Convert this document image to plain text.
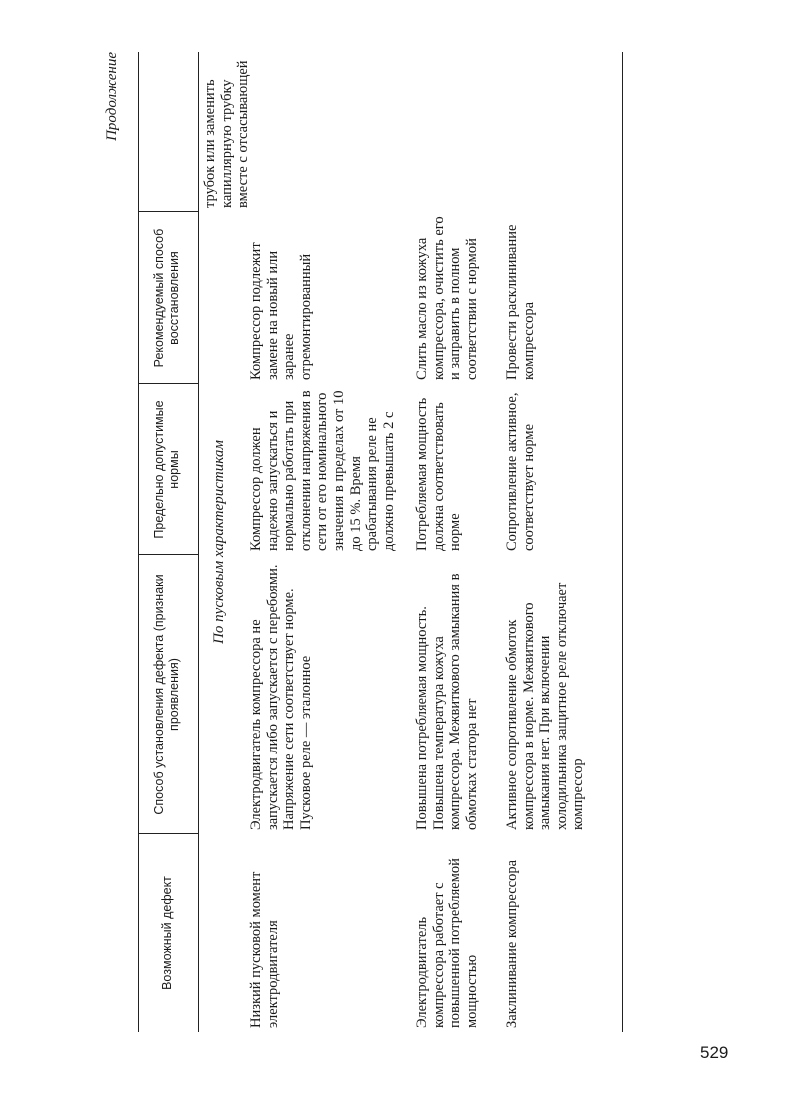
Продолжение
Возможный дефект
Способ установления дефекта (признаки проявления)
Предельно допустимые нормы
Рекомендуемый способ восстановления
трубок или заменить капиллярную трубку вместе с отсасывающей
По пусковым характеристикам
Низкий пусковой момент электродвигателя
Электродвигатель компрессора не запускается либо запускается с перебоями. Напряжение сети соответствует норме. Пусковое реле — эталонное
Компрессор должен надежно запускаться и нормально работать при отклонении напряжения в сети от его номинального значения в пределах от 10 до 15 %. Время срабатывания реле не должно превышать 2 с
Компрессор подлежит замене на новый или заранее отремонтированный
Электродвигатель компрессора работает с повышенной потребляемой мощностью
Повышена потребляемая мощность. Повышена температура кожуха компрессора. Межвиткового замыкания в обмотках статора нет
Потребляемая мощность должна соответствовать норме
Слить масло из кожуха компрессора, очистить его и заправить в полном соответствии с нормой
Заклинивание компрессора
Активное сопротивление обмоток компрессора в норме. Межвиткового замыкания нет. При включении холодильника защитное реле отключает компрессор
Сопротивление активное, соответствует норме
Провести расклинивание компрессора
529
